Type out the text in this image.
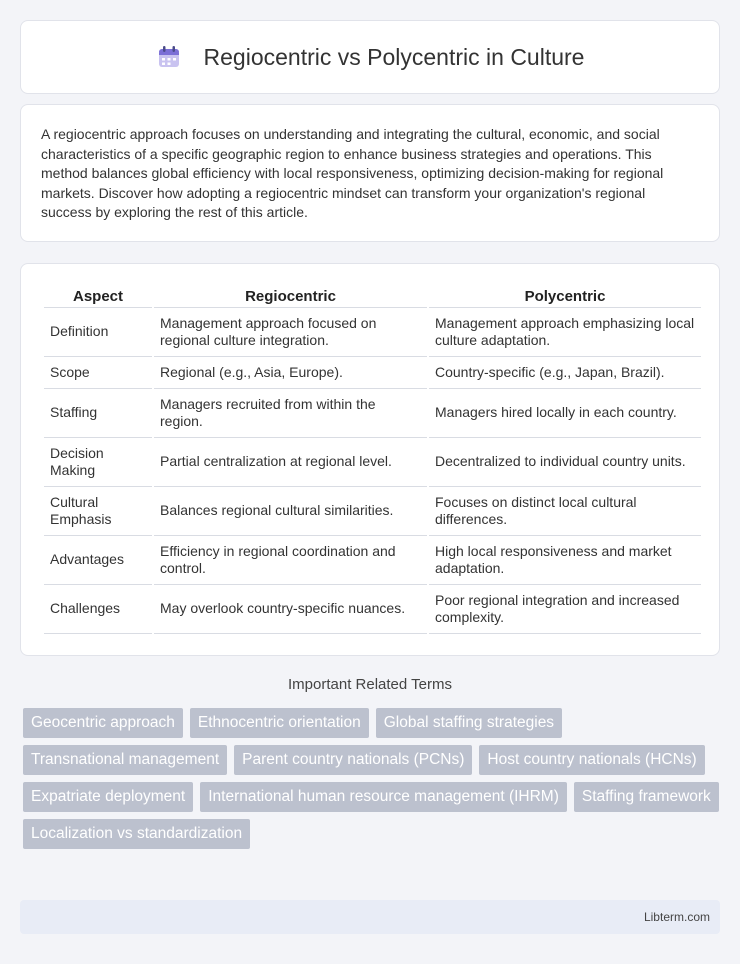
Regiocentric vs Polycentric in Culture

A regiocentric approach focuses on understanding and integrating the cultural, economic, and social characteristics of a specific geographic region to enhance business strategies and operations. This method balances global efficiency with local responsiveness, optimizing decision-making for regional markets. Discover how adopting a regiocentric mindset can transform your organization's regional success by exploring the rest of this article.

Aspect	Regiocentric	Polycentric
Definition	Management approach focused on regional culture integration.	Management approach emphasizing local culture adaptation.
Scope	Regional (e.g., Asia, Europe).	Country-specific (e.g., Japan, Brazil).
Staffing	Managers recruited from within the region.	Managers hired locally in each country.
Decision Making	Partial centralization at regional level.	Decentralized to individual country units.
Cultural Emphasis	Balances regional cultural similarities.	Focuses on distinct local cultural differences.
Advantages	Efficiency in regional coordination and control.	High local responsiveness and market adaptation.
Challenges	May overlook country-specific nuances.	Poor regional integration and increased complexity.
Important Related Terms
Geocentric approach	Ethnocentric orientation	Global staffing strategies
Transnational management	Parent country nationals (PCNs)	Host country nationals (HCNs)
Expatriate deployment	International human resource management (IHRM)	Staffing framework
Localization vs standardization
Libterm.com
